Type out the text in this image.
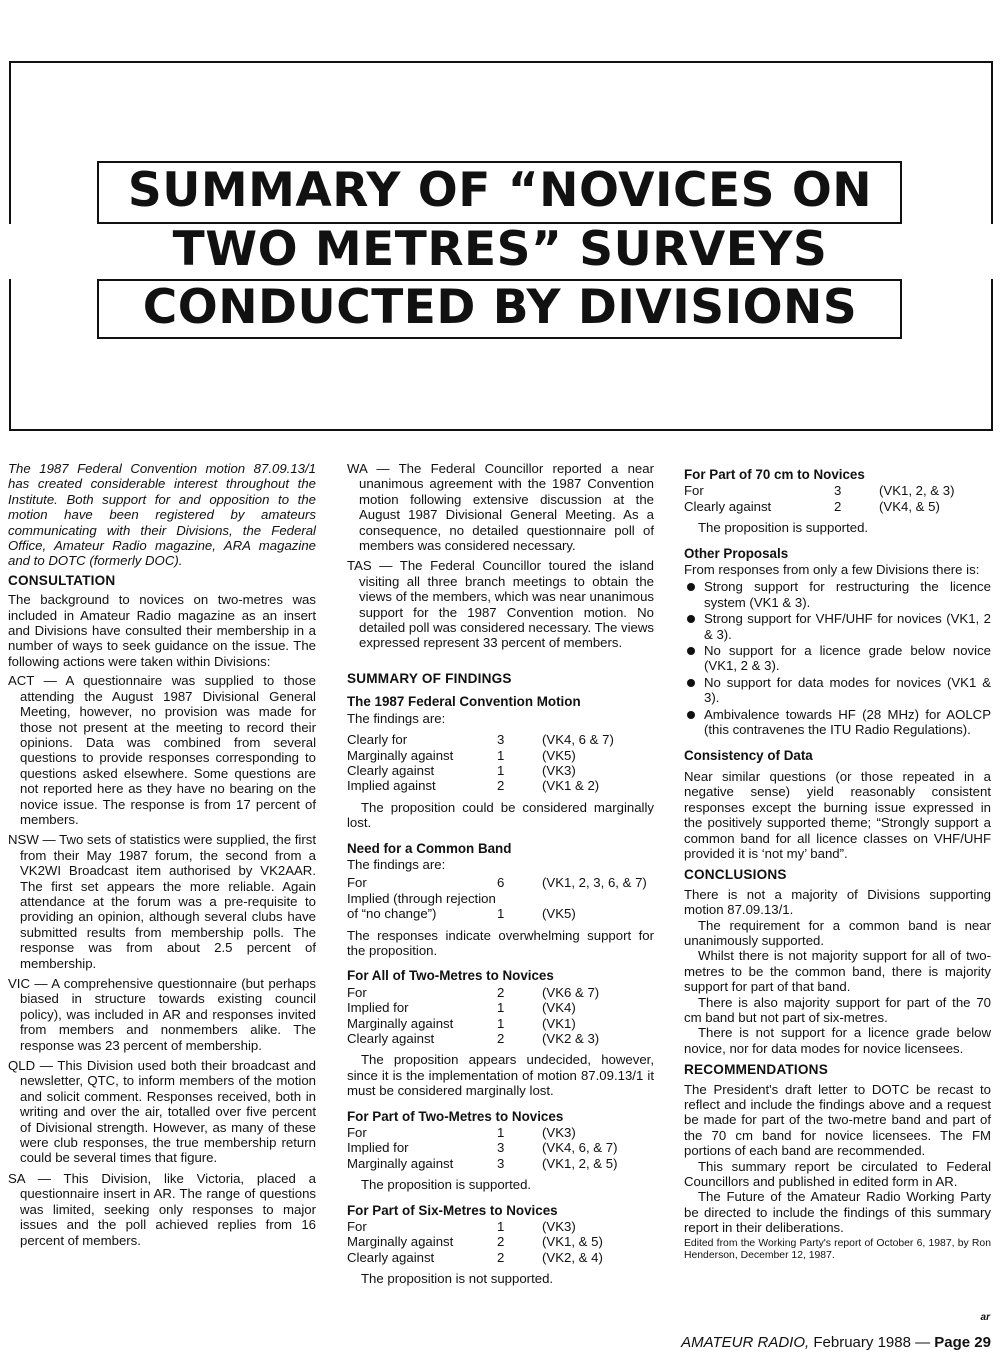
SUMMARY OF “NOVICES ON
TWO METRES” SURVEYS
CONDUCTED BY DIVISIONS

The 1987 Federal Convention motion 87.09.13/1 has created considerable interest throughout the Institute. Both support for and opposition to the motion have been registered by amateurs communicating with their Divisions, the Federal Office, Amateur Radio magazine, ARA magazine and to DOTC (formerly DOC).

CONSULTATION

The background to novices on two-metres was included in Amateur Radio magazine as an insert and Divisions have consulted their membership in a number of ways to seek guidance on the issue. The following actions were taken within Divisions:

ACT — A questionnaire was supplied to those attending the August 1987 Divisional General Meeting, however, no provision was made for those not present at the meeting to record their opinions. Data was combined from several questions to provide responses corresponding to questions asked elsewhere. Some questions are not reported here as they have no bearing on the novice issue. The response is from 17 percent of members.

NSW — Two sets of statistics were supplied, the first from their May 1987 forum, the second from a VK2WI Broadcast item authorised by VK2AAR. The first set appears the more reliable. Again attendance at the forum was a pre-requisite to providing an opinion, although several clubs have submitted results from membership polls. The response was from about 2.5 percent of membership.

VIC — A comprehensive questionnaire (but perhaps biased in structure towards existing council policy), was included in AR and responses invited from members and nonmembers alike. The response was 23 percent of membership.

QLD — This Division used both their broadcast and newsletter, QTC, to inform members of the motion and solicit comment. Responses received, both in writing and over the air, totalled over five percent of Divisional strength. However, as many of these were club responses, the true membership return could be several times that figure.

SA — This Division, like Victoria, placed a questionnaire insert in AR. The range of questions was limited, seeking only responses to major issues and the poll achieved replies from 16 percent of members.

WA — The Federal Councillor reported a near unanimous agreement with the 1987 Convention motion following extensive discussion at the August 1987 Divisional General Meeting. As a consequence, no detailed questionnaire poll of members was considered necessary.

TAS — The Federal Councillor toured the island visiting all three branch meetings to obtain the views of the members, which was near unanimous support for the 1987 Convention motion. No detailed poll was considered necessary. The views expressed represent 33 percent of members.

SUMMARY OF FINDINGS
The 1987 Federal Convention Motion
The findings are:
Clearly for	3	(VK4, 6 & 7)
Marginally against	1	(VK5)
Clearly against	1	(VK3)
Implied against	2	(VK1 & 2)

The proposition could be considered marginally lost.

Need for a Common Band
The findings are:
For	6	(VK1, 2, 3, 6, & 7)
Implied (through rejection of “no change”)	1	(VK5)

The responses indicate overwhelming support for the proposition.

For All of Two-Metres to Novices
For	2	(VK6 & 7)
Implied for	1	(VK4)
Marginally against	1	(VK1)
Clearly against	2	(VK2 & 3)

The proposition appears undecided, however, since it is the implementation of motion 87.09.13/1 it must be considered marginally lost.

For Part of Two-Metres to Novices
For	1	(VK3)
Implied for	3	(VK4, 6, & 7)
Marginally against	3	(VK1, 2, & 5)

The proposition is supported.

For Part of Six-Metres to Novices
For	1	(VK3)
Marginally against	2	(VK1, & 5)
Clearly against	2	(VK2, & 4)

The proposition is not supported.

For Part of 70 cm to Novices
For	3	(VK1, 2, & 3)
Clearly against	2	(VK4, & 5)

The proposition is supported.

Other Proposals

From responses from only a few Divisions there is:

Strong support for restructuring the licence system (VK1 & 3).
Strong support for VHF/UHF for novices (VK1, 2 & 3).
No support for a licence grade below novice (VK1, 2 & 3).
No support for data modes for novices (VK1 & 3).
Ambivalence towards HF (28 MHz) for AOLCP (this contravenes the ITU Radio Regulations).
Consistency of Data

Near similar questions (or those repeated in a negative sense) yield reasonably consistent responses except the burning issue expressed in the positively supported theme; “Strongly support a common band for all licence classes on VHF/UHF provided it is ‘not my’ band”.

CONCLUSIONS

There is not a majority of Divisions supporting motion 87.09.13/1.

The requirement for a common band is near unanimously supported.

Whilst there is not majority support for all of two-metres to be the common band, there is majority support for part of that band.

There is also majority support for part of the 70 cm band but not part of six-metres.

There is not support for a licence grade below novice, nor for data modes for novice licensees.

RECOMMENDATIONS

The President's draft letter to DOTC be recast to reflect and include the findings above and a request be made for part of the two-metre band and part of the 70 cm band for novice licensees. The FM portions of each band are recommended.

This summary report be circulated to Federal Councillors and published in edited form in AR.

The Future of the Amateur Radio Working Party be directed to include the findings of this summary report in their deliberations.

Edited from the Working Party's report of October 6, 1987, by Ron Henderson, December 12, 1987.

ar
AMATEUR RADIO, February 1988 — Page 29
